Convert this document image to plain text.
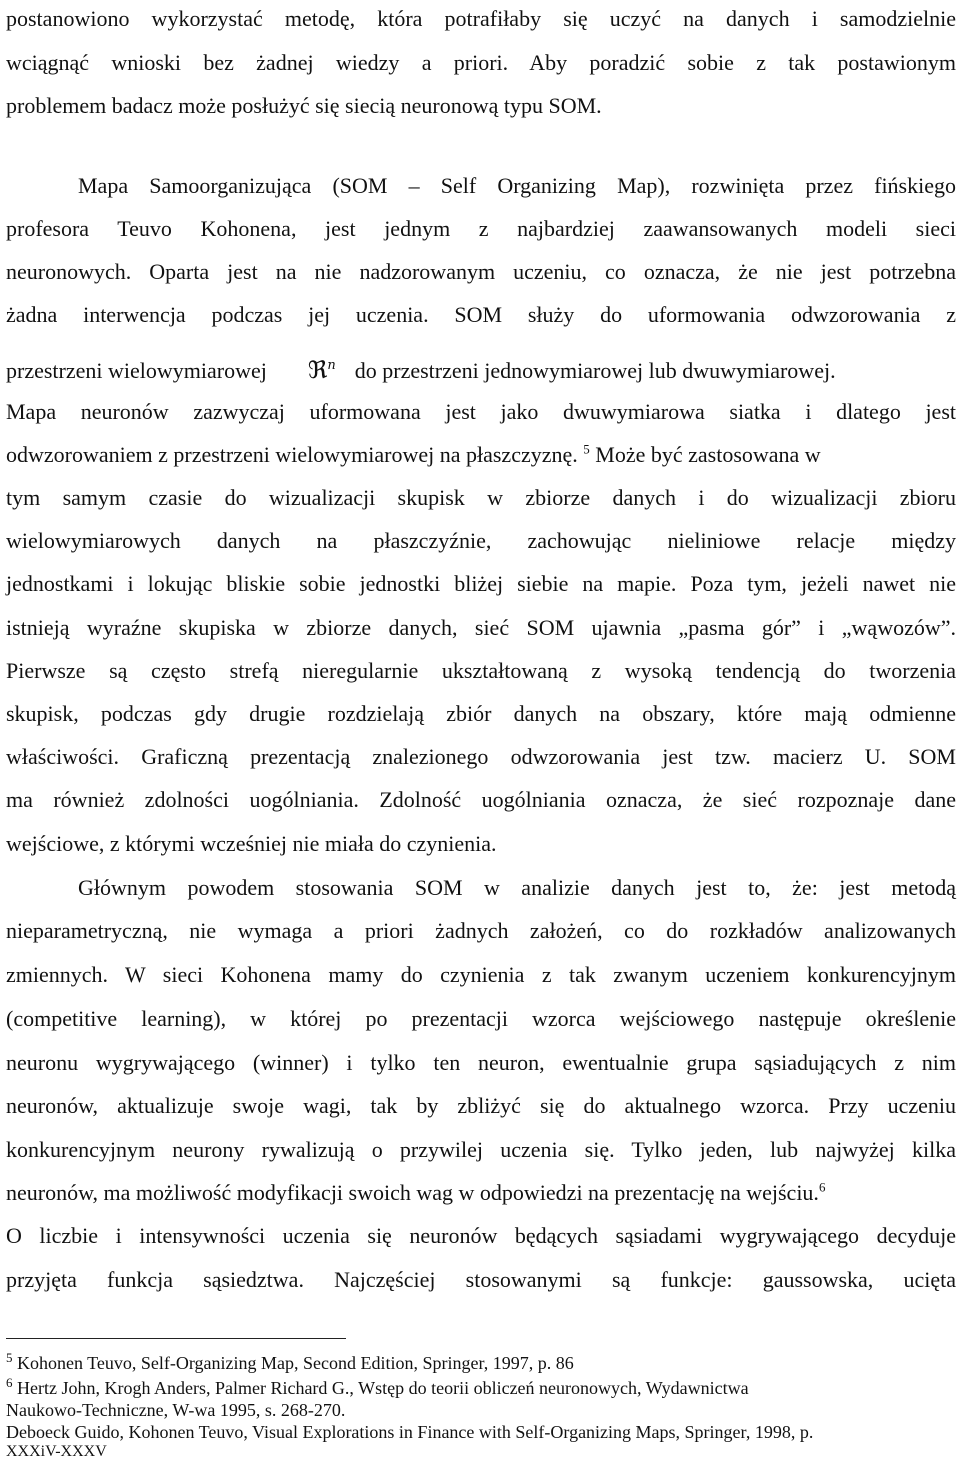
postanowiono wykorzystać metodę, która potrafiłaby się uczyć na danych i samodzielnie
wciągnąć wnioski bez żadnej wiedzy a priori. Aby poradzić sobie z tak postawionym
problemem badacz może posłużyć się siecią neuronową typu SOM.
Mapa Samoorganizująca (SOM – Self Organizing Map), rozwinięta przez fińskiego
profesora Teuvo Kohonena, jest jednym z najbardziej zaawansowanych modeli sieci
neuronowych. Oparta jest na nie nadzorowanym uczeniu, co oznacza, że nie jest potrzebna
żadna interwencja podczas jej uczenia. SOM służy do uformowania odwzorowania z
przestrzeni wielowymiarowej ℜ$^n$ do przestrzeni jednowymiarowej lub dwuwymiarowej.
Mapa neuronów zazwyczaj uformowana jest jako dwuwymiarowa siatka i dlatego jest
odwzorowaniem z przestrzeni wielowymiarowej na płaszczyznę. $^5$ Może być zastosowana w
tym samym czasie do wizualizacji skupisk w zbiorze danych i do wizualizacji zbioru
wielowymiarowych danych na płaszczyźnie, zachowując nieliniowe relacje między
jednostkami i lokując bliskie sobie jednostki bliżej siebie na mapie. Poza tym, jeżeli nawet nie
istnieją wyraźne skupiska w zbiorze danych, sieć SOM ujawnia „pasma gór” i „wąwozów”.
Pierwsze są często strefą nieregularnie ukształtowaną z wysoką tendencją do tworzenia
skupisk, podczas gdy drugie rozdzielają zbiór danych na obszary, które mają odmienne
właściwości. Graficzną prezentacją znalezionego odwzorowania jest tzw. macierz U. SOM
ma również zdolności uogólniania. Zdolność uogólniania oznacza, że sieć rozpoznaje dane
wejściowe, z którymi wcześniej nie miała do czynienia.
Głównym powodem stosowania SOM w analizie danych jest to, że: jest metodą
nieparametryczną, nie wymaga a priori żadnych założeń, co do rozkładów analizowanych
zmiennych. W sieci Kohonena mamy do czynienia z tak zwanym uczeniem konkurencyjnym
(competitive learning), w której po prezentacji wzorca wejściowego następuje określenie
neuronu wygrywającego (winner) i tylko ten neuron, ewentualnie grupa sąsiadujących z nim
neuronów, aktualizuje swoje wagi, tak by zbliżyć się do aktualnego wzorca. Przy uczeniu
konkurencyjnym neurony rywalizują o przywilej uczenia się. Tylko jeden, lub najwyżej kilka
neuronów, ma możliwość modyfikacji swoich wag w odpowiedzi na prezentację na wejściu.$^6$
O liczbie i intensywności uczenia się neuronów będących sąsiadami wygrywającego decyduje
przyjęta funkcja sąsiedztwa. Najczęściej stosowanymi są funkcje: gaussowska, ucięta
$^5$ Kohonen Teuvo, Self-Organizing Map, Second Edition, Springer, 1997, p. 86
$^6$ Hertz John, Krogh Anders, Palmer Richard G., Wstęp do teorii obliczeń neuronowych, Wydawnictwa
Naukowo-Techniczne, W-wa 1995, s. 268-270.
Deboeck Guido, Kohonen Teuvo, Visual Explorations in Finance with Self-Organizing Maps, Springer, 1998, p.
XXXiV-XXXV
